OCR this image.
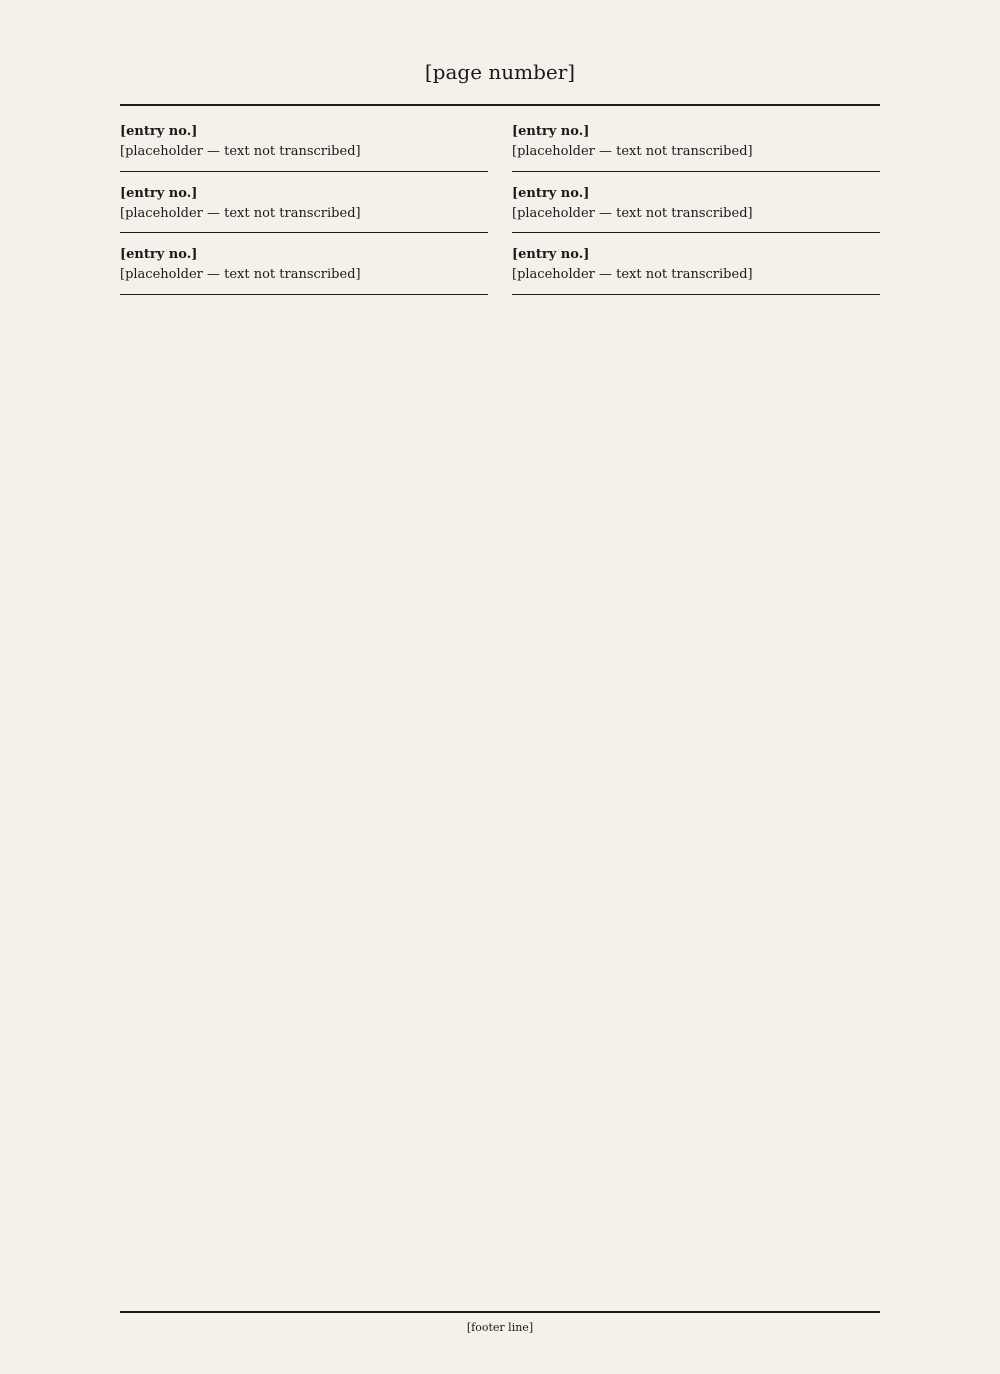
[page number]
[entry no.]
[placeholder — text not transcribed]
[entry no.]
[placeholder — text not transcribed]
[entry no.]
[placeholder — text not transcribed]
[entry no.]
[placeholder — text not transcribed]
[entry no.]
[placeholder — text not transcribed]
[entry no.]
[placeholder — text not transcribed]
[footer line]
